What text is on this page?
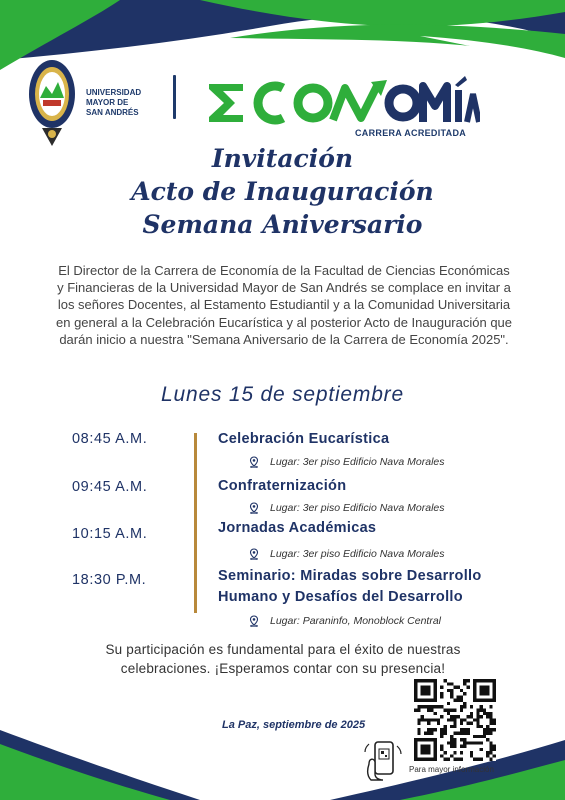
UNIVERSIDAD
MAYOR DE
SAN ANDRÉS
CARRERA ACREDITADA
Invitación
Acto de Inauguración
Semana Aniversario
El Director de la Carrera de Economía de la Facultad de Ciencias Económicas y Financieras de la Universidad Mayor de San Andrés se complace en invitar a los señores Docentes, al Estamento Estudiantil y a la Comunidad Universitaria en general a la Celebración Eucarística y al posterior Acto de Inauguración que darán inicio a nuestra "Semana Aniversario de la Carrera de Economía 2025".
Lunes 15 de septiembre
08:45 A.M.	Celebración Eucarística
Lugar: 3er piso Edificio Nava Morales
09:45 A.M.	Confraternización
Lugar: 3er piso Edificio Nava Morales
10:15 A.M.	Jornadas Académicas
Lugar: 3er piso Edificio Nava Morales
18:30 P.M.	Seminario: Miradas sobre Desarrollo
Humano y Desafíos del Desarrollo
Lugar: Paraninfo, Monoblock Central
Su participación es fundamental para el éxito de nuestras
celebraciones. ¡Esperamos contar con su presencia!
La Paz, septiembre de 2025
Para mayor información
